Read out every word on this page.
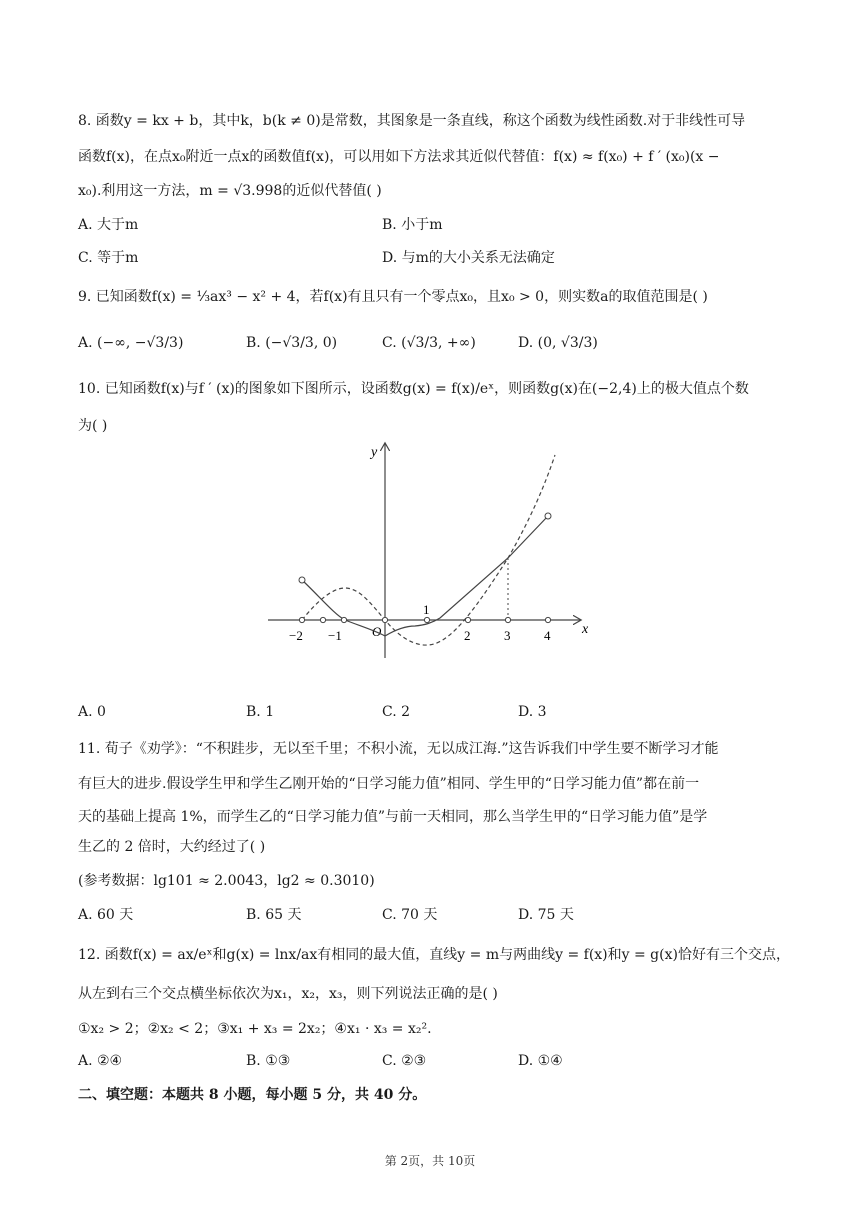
8. 函数y = kx + b，其中k，b(k ≠ 0)是常数，其图象是一条直线，称这个函数为线性函数.对于非线性可导
函数f(x)，在点x₀附近一点x的函数值f(x)，可以用如下方法求其近似代替值：f(x) ≈ f(x₀) + f ′ (x₀)(x −
x₀).利用这一方法，m = √3.998的近似代替值( )
A. 大于m	B. 小于m
C. 等于m	D. 与m的大小关系无法确定
9. 已知函数f(x) = ⅓ax³ − x² + 4，若f(x)有且只有一个零点x₀，且x₀ > 0，则实数a的取值范围是( )
A. (−∞, −√3/3)	B. (−√3/3, 0)	C. (√3/3, +∞)	D. (0, √3/3)
10. 已知函数f(x)与f ′ (x)的图象如下图所示，设函数g(x) = f(x)/eˣ，则函数g(x)在(−2,4)上的极大值点个数
为( )
y
x
O
−2 −1
1
2	3	4
A. 0	B. 1	C. 2	D. 3
11. 荀子《劝学》：“不积跬步，无以至千里；不积小流，无以成江海.”这告诉我们中学生要不断学习才能
有巨大的进步.假设学生甲和学生乙刚开始的“日学习能力值”相同、学生甲的“日学习能力值”都在前一
天的基础上提高 1%，而学生乙的“日学习能力值”与前一天相同，那么当学生甲的“日学习能力值”是学
生乙的 2 倍时，大约经过了( )
(参考数据：lg101 ≈ 2.0043，lg2 ≈ 0.3010)
A. 60 天	B. 65 天	C. 70 天	D. 75 天
12. 函数f(x) = ax/eˣ和g(x) = lnx/ax有相同的最大值，直线y = m与两曲线y = f(x)和y = g(x)恰好有三个交点，
从左到右三个交点横坐标依次为x₁，x₂，x₃，则下列说法正确的是( )
①x₂ > 2；②x₂ < 2；③x₁ + x₃ = 2x₂；④x₁ · x₃ = x₂².
A. ②④	B. ①③	C. ②③	D. ①④
二、填空题：本题共 8 小题，每小题 5 分，共 40 分。
第 2页，共 10页
